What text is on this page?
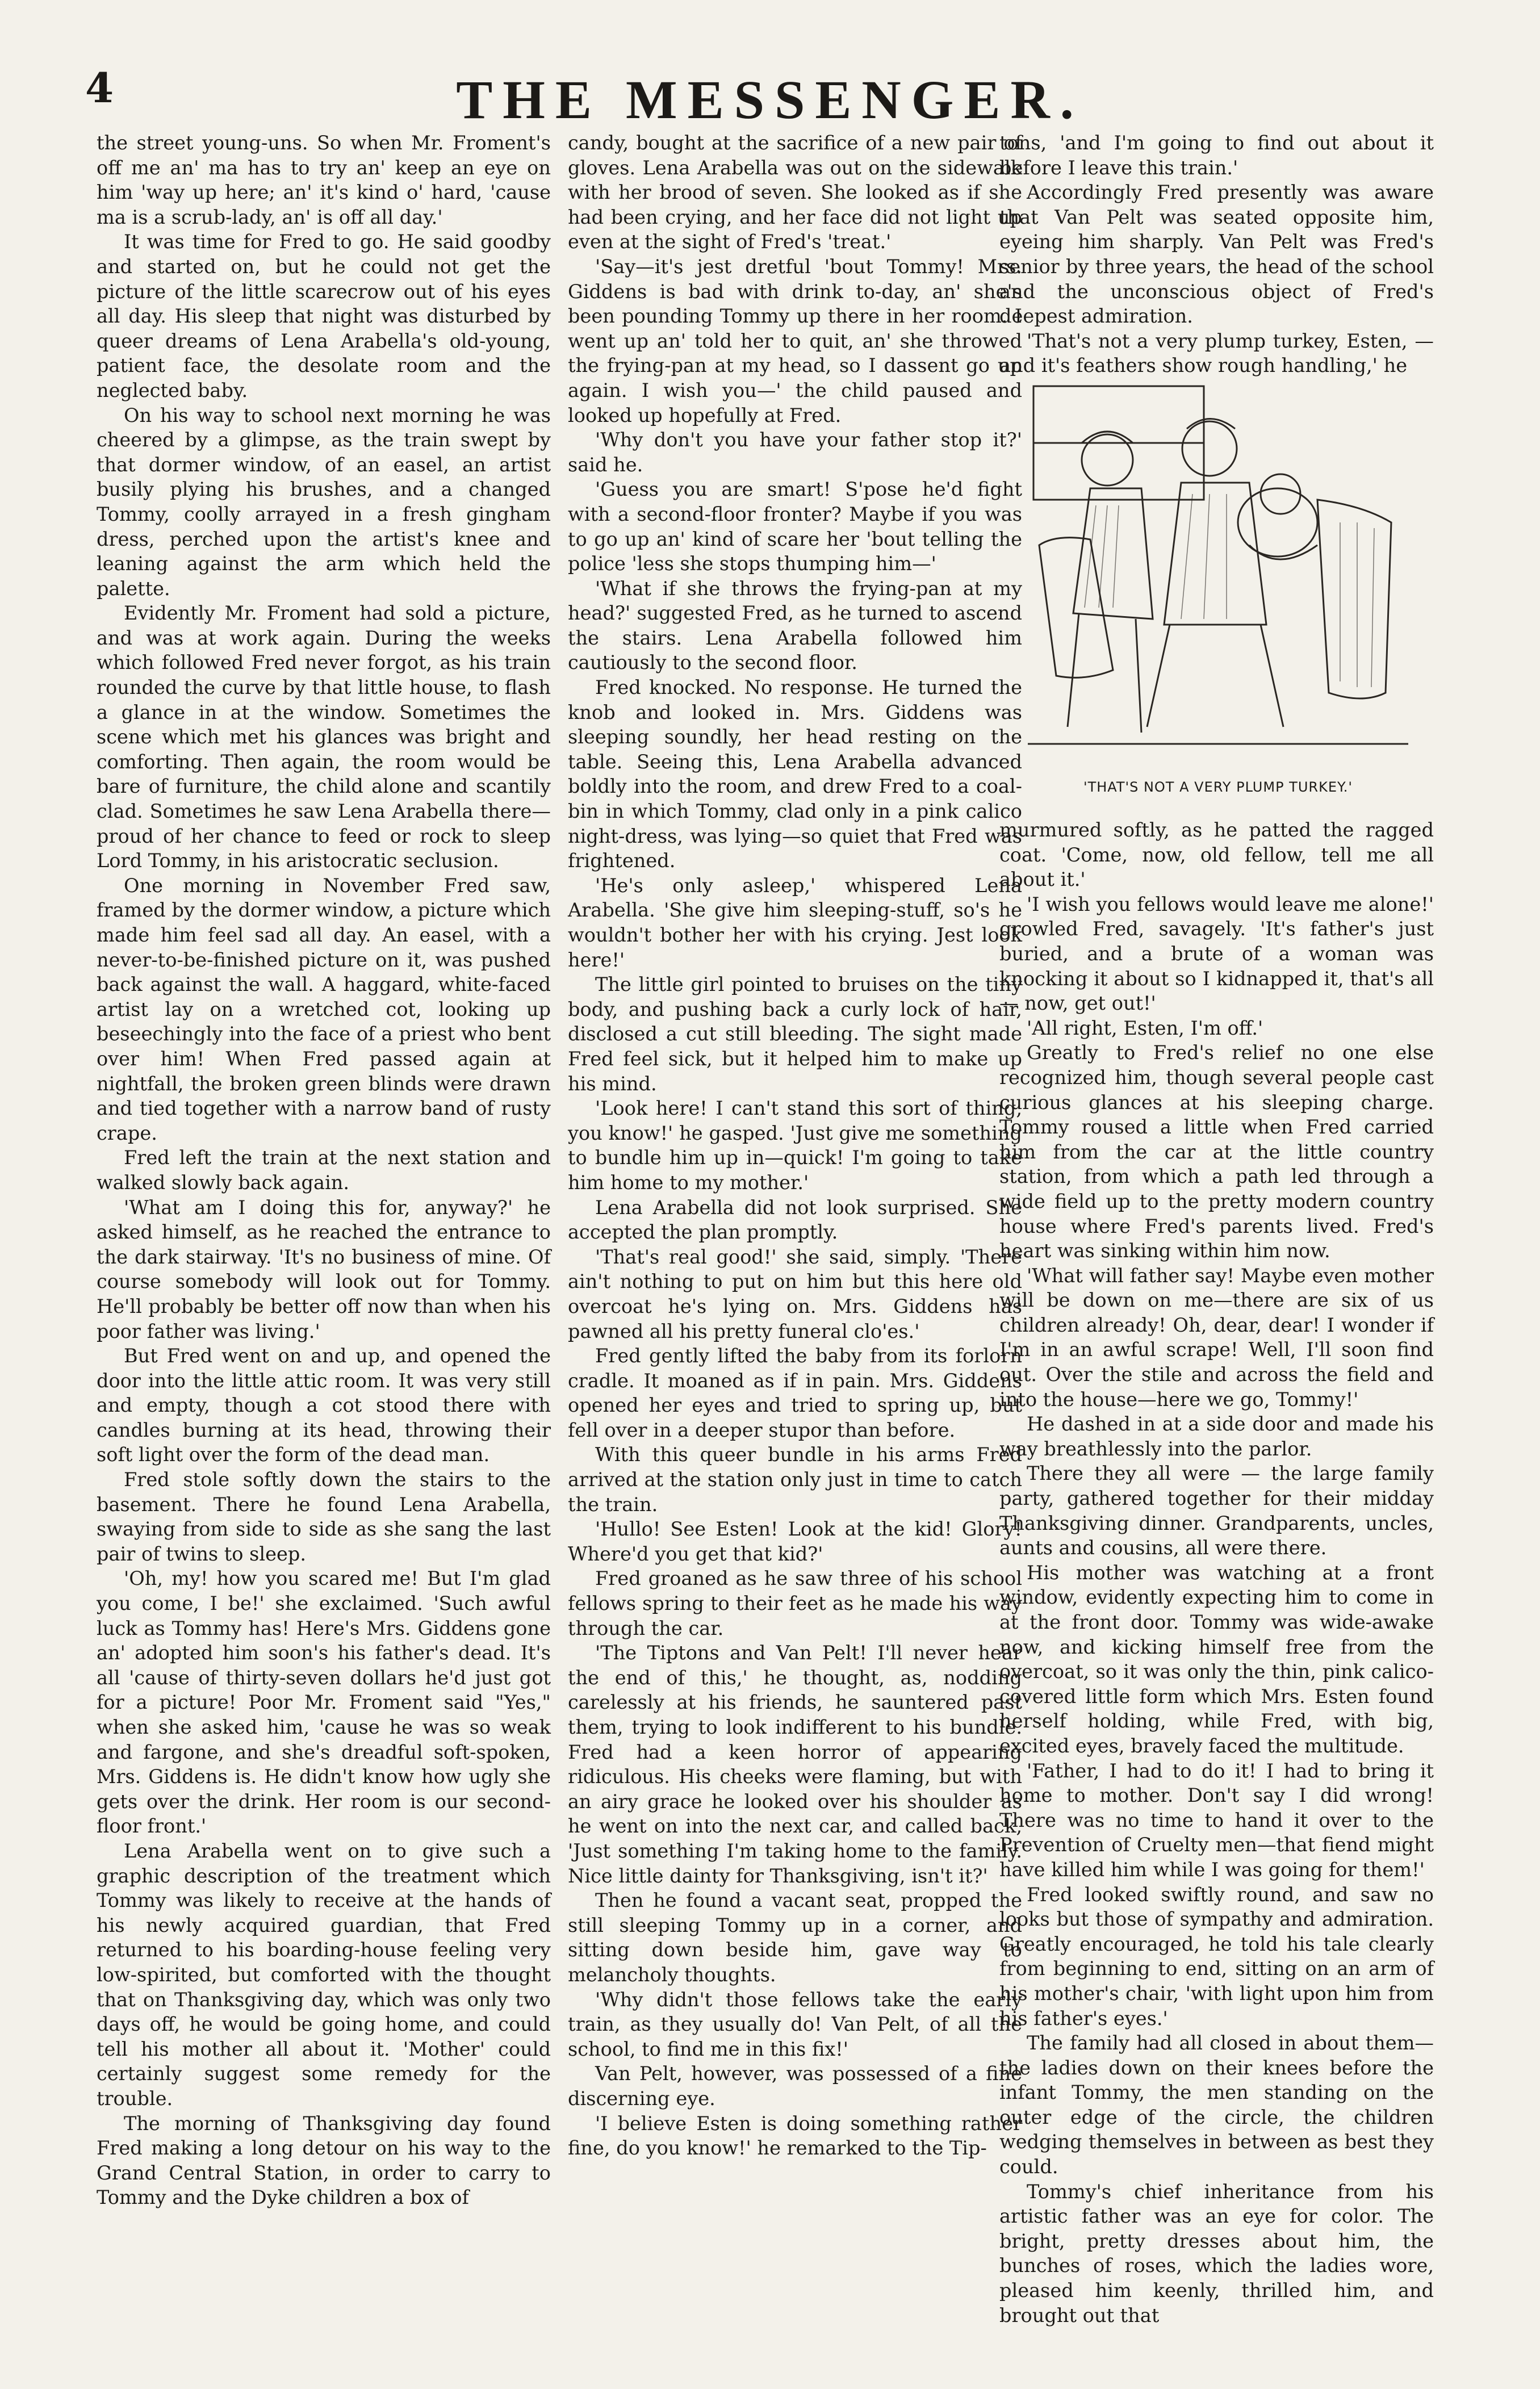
4	THE MESSENGER.

the street young-uns. So when Mr. Froment's off me an' ma has to try an' keep an eye on him 'way up here; an' it's kind o' hard, 'cause ma is a scrub-lady, an' is off all day.'

It was time for Fred to go. He said goodby and started on, but he could not get the picture of the little scarecrow out of his eyes all day. His sleep that night was disturbed by queer dreams of Lena Arabella's old-young, patient face, the desolate room and the neglected baby.

On his way to school next morning he was cheered by a glimpse, as the train swept by that dormer window, of an easel, an artist busily plying his brushes, and a changed Tommy, coolly arrayed in a fresh gingham dress, perched upon the artist's knee and leaning against the arm which held the palette.

Evidently Mr. Froment had sold a picture, and was at work again. During the weeks which followed Fred never forgot, as his train rounded the curve by that little house, to flash a glance in at the window. Sometimes the scene which met his glances was bright and comforting. Then again, the room would be bare of furniture, the child alone and scantily clad. Sometimes he saw Lena Arabella there—proud of her chance to feed or rock to sleep Lord Tommy, in his aristocratic seclusion.

One morning in November Fred saw, framed by the dormer window, a picture which made him feel sad all day. An easel, with a never-to-be-finished picture on it, was pushed back against the wall. A haggard, white-faced artist lay on a wretched cot, looking up beseechingly into the face of a priest who bent over him! When Fred passed again at nightfall, the broken green blinds were drawn and tied together with a narrow band of rusty crape.

Fred left the train at the next station and walked slowly back again.

'What am I doing this for, anyway?' he asked himself, as he reached the entrance to the dark stairway. 'It's no business of mine. Of course somebody will look out for Tommy. He'll probably be better off now than when his poor father was living.'

But Fred went on and up, and opened the door into the little attic room. It was very still and empty, though a cot stood there with candles burning at its head, throwing their soft light over the form of the dead man.

Fred stole softly down the stairs to the basement. There he found Lena Arabella, swaying from side to side as she sang the last pair of twins to sleep.

'Oh, my! how you scared me! But I'm glad you come, I be!' she exclaimed. 'Such awful luck as Tommy has! Here's Mrs. Giddens gone an' adopted him soon's his father's dead. It's all 'cause of thirty-seven dollars he'd just got for a picture! Poor Mr. Froment said "Yes," when she asked him, 'cause he was so weak and fargone, and she's dreadful soft-spoken, Mrs. Giddens is. He didn't know how ugly she gets over the drink. Her room is our second-floor front.'

Lena Arabella went on to give such a graphic description of the treatment which Tommy was likely to receive at the hands of his newly acquired guardian, that Fred returned to his boarding-house feeling very low-spirited, but comforted with the thought that on Thanksgiving day, which was only two days off, he would be going home, and could tell his mother all about it. 'Mother' could certainly suggest some remedy for the trouble.

The morning of Thanksgiving day found Fred making a long detour on his way to the Grand Central Station, in order to carry to Tommy and the Dyke children a box of

candy, bought at the sacrifice of a new pair of gloves. Lena Arabella was out on the sidewalk with her brood of seven. She looked as if she had been crying, and her face did not light up even at the sight of Fred's 'treat.'

'Say—it's jest dretful 'bout Tommy! Mrs. Giddens is bad with drink to-day, an' she's been pounding Tommy up there in her room. I went up an' told her to quit, an' she throwed the frying-pan at my head, so I dassent go up again. I wish you—' the child paused and looked up hopefully at Fred.

'Why don't you have your father stop it?' said he.

'Guess you are smart! S'pose he'd fight with a second-floor fronter? Maybe if you was to go up an' kind of scare her 'bout telling the police 'less she stops thumping him—'

'What if she throws the frying-pan at my head?' suggested Fred, as he turned to ascend the stairs. Lena Arabella followed him cautiously to the second floor.

Fred knocked. No response. He turned the knob and looked in. Mrs. Giddens was sleeping soundly, her head resting on the table. Seeing this, Lena Arabella advanced boldly into the room, and drew Fred to a coal-bin in which Tommy, clad only in a pink calico night-dress, was lying—so quiet that Fred was frightened.

'He's only asleep,' whispered Lena Arabella. 'She give him sleeping-stuff, so's he wouldn't bother her with his crying. Jest look here!'

The little girl pointed to bruises on the tiny body, and pushing back a curly lock of hair, disclosed a cut still bleeding. The sight made Fred feel sick, but it helped him to make up his mind.

'Look here! I can't stand this sort of thing, you know!' he gasped. 'Just give me something to bundle him up in—quick! I'm going to take him home to my mother.'

Lena Arabella did not look surprised. She accepted the plan promptly.

'That's real good!' she said, simply. 'There ain't nothing to put on him but this here old overcoat he's lying on. Mrs. Giddens has pawned all his pretty funeral clo'es.'

Fred gently lifted the baby from its forlorn cradle. It moaned as if in pain. Mrs. Giddens opened her eyes and tried to spring up, but fell over in a deeper stupor than before.

With this queer bundle in his arms Fred arrived at the station only just in time to catch the train.

'Hullo! See Esten! Look at the kid! Glory! Where'd you get that kid?'

Fred groaned as he saw three of his school fellows spring to their feet as he made his way through the car.

'The Tiptons and Van Pelt! I'll never hear the end of this,' he thought, as, nodding carelessly at his friends, he sauntered past them, trying to look indifferent to his bundle. Fred had a keen horror of appearing ridiculous. His cheeks were flaming, but with an airy grace he looked over his shoulder as he went on into the next car, and called back, 'Just something I'm taking home to the family. Nice little dainty for Thanksgiving, isn't it?'

Then he found a vacant seat, propped the still sleeping Tommy up in a corner, and sitting down beside him, gave way to melancholy thoughts.

'Why didn't those fellows take the early train, as they usually do! Van Pelt, of all the school, to find me in this fix!'

Van Pelt, however, was possessed of a fine discerning eye.

'I believe Esten is doing something rather fine, do you know!' he remarked to the Tip-

tons, 'and I'm going to find out about it before I leave this train.'

Accordingly Fred presently was aware that Van Pelt was seated opposite him, eyeing him sharply. Van Pelt was Fred's senior by three years, the head of the school and the unconscious object of Fred's deepest admiration.

'That's not a very plump turkey, Esten, —and it's feathers show rough handling,' he

'THAT'S NOT A VERY PLUMP TURKEY.'

murmured softly, as he patted the ragged coat. 'Come, now, old fellow, tell me all about it.'

'I wish you fellows would leave me alone!' growled Fred, savagely. 'It's father's just buried, and a brute of a woman was knocking it about so I kidnapped it, that's all — now, get out!'

'All right, Esten, I'm off.'

Greatly to Fred's relief no one else recognized him, though several people cast curious glances at his sleeping charge. Tommy roused a little when Fred carried him from the car at the little country station, from which a path led through a wide field up to the pretty modern country house where Fred's parents lived. Fred's heart was sinking within him now.

'What will father say! Maybe even mother will be down on me—there are six of us children already! Oh, dear, dear! I wonder if I'm in an awful scrape! Well, I'll soon find out. Over the stile and across the field and into the house—here we go, Tommy!'

He dashed in at a side door and made his way breathlessly into the parlor.

There they all were — the large family party, gathered together for their midday Thanksgiving dinner. Grandparents, uncles, aunts and cousins, all were there.

His mother was watching at a front window, evidently expecting him to come in at the front door. Tommy was wide-awake now, and kicking himself free from the overcoat, so it was only the thin, pink calico-covered little form which Mrs. Esten found herself holding, while Fred, with big, excited eyes, bravely faced the multitude.

'Father, I had to do it! I had to bring it home to mother. Don't say I did wrong! There was no time to hand it over to the Prevention of Cruelty men—that fiend might have killed him while I was going for them!'

Fred looked swiftly round, and saw no looks but those of sympathy and admiration. Greatly encouraged, he told his tale clearly from beginning to end, sitting on an arm of his mother's chair, 'with light upon him from his father's eyes.'

The family had all closed in about them—the ladies down on their knees before the infant Tommy, the men standing on the outer edge of the circle, the children wedging themselves in between as best they could.

Tommy's chief inheritance from his artistic father was an eye for color. The bright, pretty dresses about him, the bunches of roses, which the ladies wore, pleased him keenly, thrilled him, and brought out that
